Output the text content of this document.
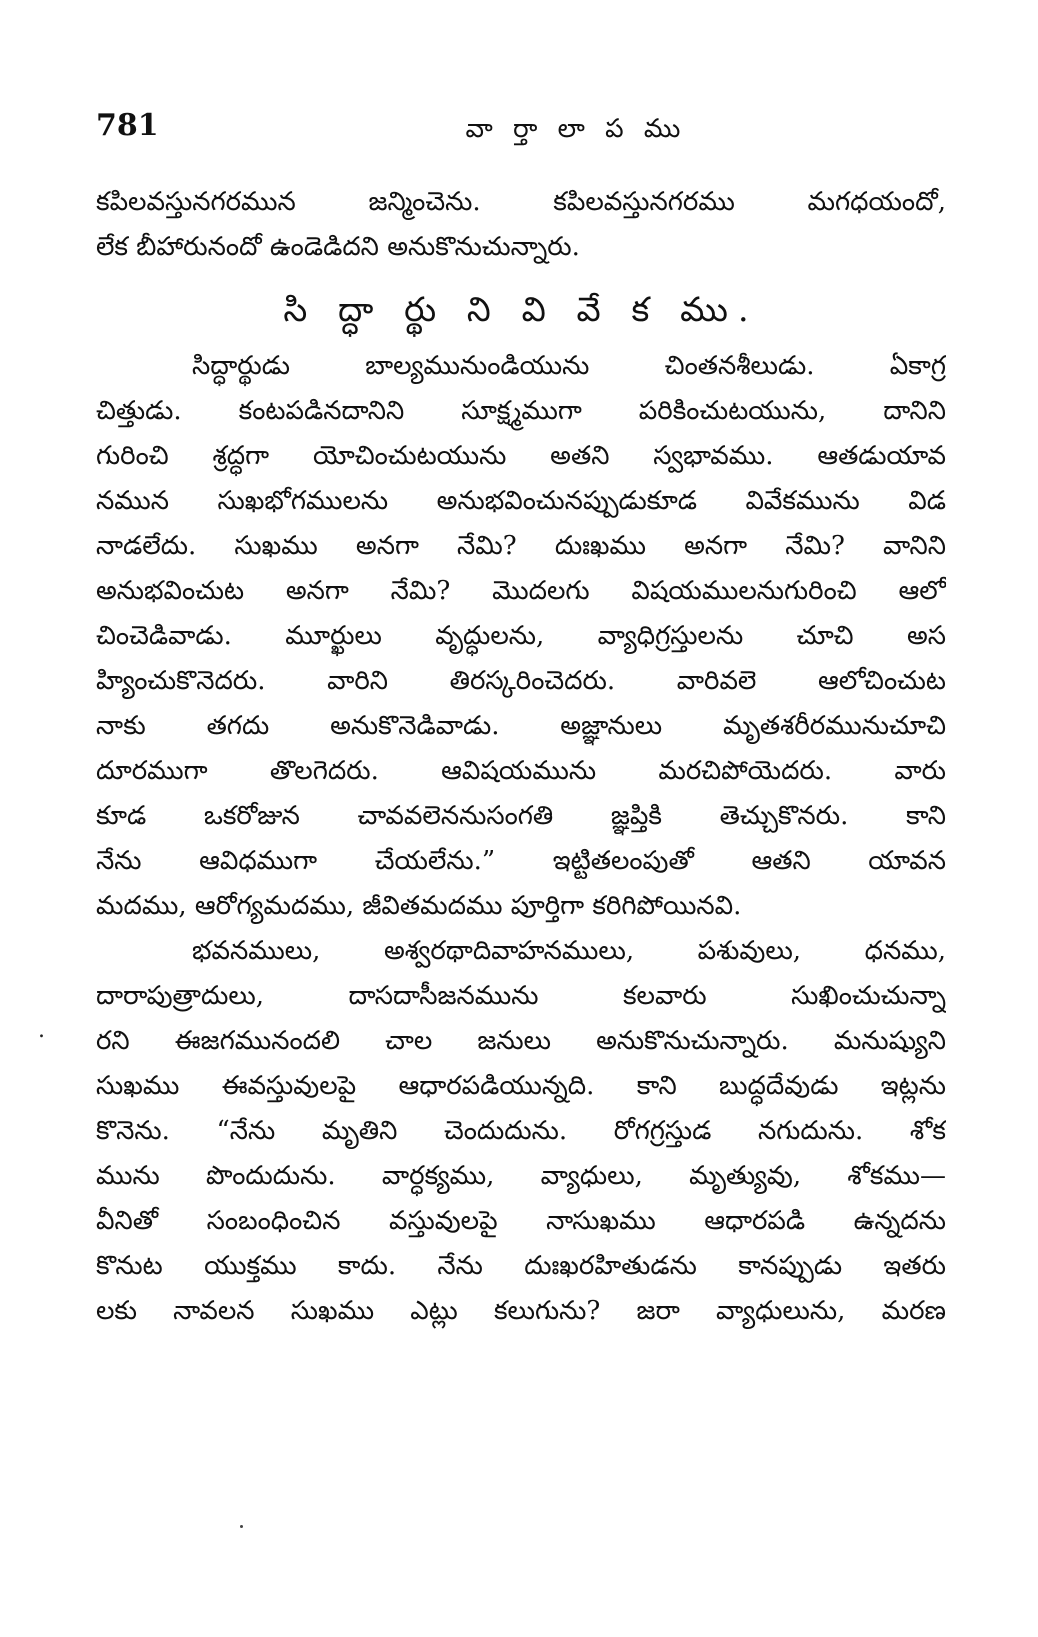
781	వా ర్తా లా ప ము
.
కపిలవస్తునగరమున జన్మించెను. కపిలవస్తునగరము మగధయందో,
లేక బీహారునందో ఉండెడిదని అనుకొనుచున్నారు.
సి ద్ధా ర్థు ని వి వే క ము.
సిద్ధార్థుడు బాల్యమునుండియును చింతనశీలుడు. ఏకాగ్ర
చిత్తుడు. కంటపడినదానిని సూక్ష్మముగా పరికించుటయును, దానిని
గురించి శ్రద్ధగా యోచించుటయును అతని స్వభావము. ఆతడుయావ
నమున సుఖభోగములను అనుభవించునప్పుడుకూడ వివేకమును విడ
నాడలేదు. సుఖము అనగా నేమి? దుఃఖము అనగా నేమి? వానిని
అనుభవించుట అనగా నేమి? మొదలగు విషయములనుగురించి ఆలో
చించెడివాడు. మూర్ఖులు వృద్ధులను, వ్యాధిగ్రస్తులను చూచి అస
హ్యించుకొనెదరు. వారిని తిరస్కరించెదరు. వారివలె ఆలోచించుట
నాకు తగదు అనుకొనెడివాడు. అజ్ఞానులు మృతశరీరమునుచూచి
దూరముగా తొలగెదరు. ఆవిషయమును మరచిపోయెదరు. వారు
కూడ ఒకరోజున చావవలెననుసంగతి జ్ఞప్తికి తెచ్చుకొనరు. కాని
నేను ఆవిధముగా చేయలేను.” ఇట్టితలంపుతో ఆతని యావన
మదము, ఆరోగ్యమదము, జీవితమదము పూర్తిగా కరిగిపోయినవి.
భవనములు, అశ్వరథాదివాహనములు, పశువులు, ధనము,
దారాపుత్రాదులు, దాసదాసీజనమును కలవారు సుఖించుచున్నా
రని ఈజగమునందలి చాల జనులు అనుకొనుచున్నారు. మనుష్యుని
సుఖము ఈవస్తువులపై ఆధారపడియున్నది. కాని బుద్ధదేవుడు ఇట్లను
కొనెను. “నేను మృతిని చెందుదును. రోగగ్రస్తుడ నగుదును. శోక
మును పొందుదును. వార్ధక్యము, వ్యాధులు, మృత్యువు, శోకము—
వీనితో సంబంధించిన వస్తువులపై నాసుఖము ఆధారపడి ఉన్నదను
కొనుట యుక్తము కాదు. నేను దుఃఖరహితుడను కానప్పుడు ఇతరు
లకు నావలన సుఖము ఎట్లు కలుగును? జరా వ్యాధులును, మరణ
